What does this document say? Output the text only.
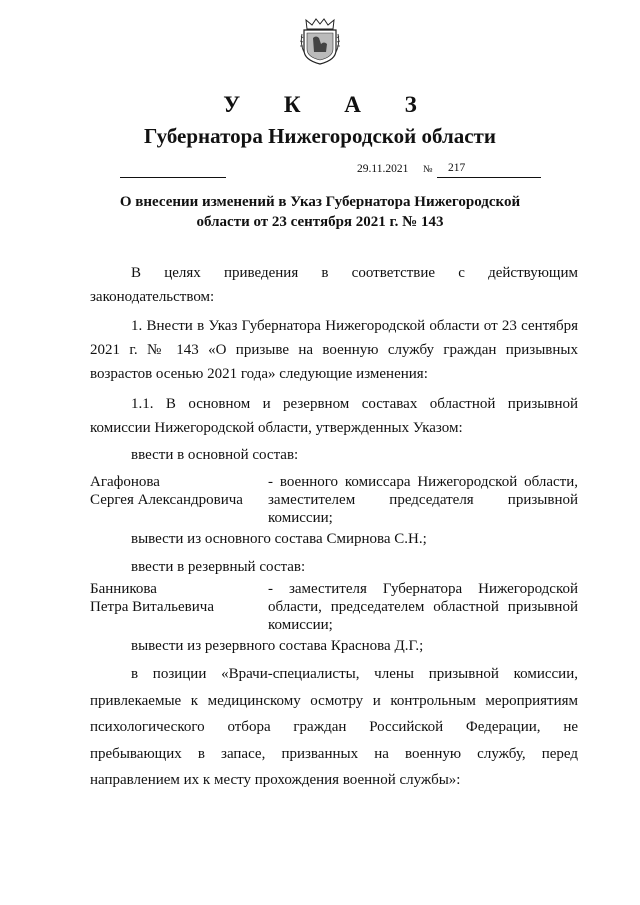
У К А З
Губернатора Нижегородской области
29.11.2021 № 217
О внесении изменений в Указ Губернатора Нижегородской
области от 23 сентября 2021 г. № 143
В целях приведения в соответствие с действующим
законодательством:
1. Внести в Указ Губернатора Нижегородской области от 23 сентября 2021 г. № 143 «О призыве на военную службу граждан призывных возрастов осенью 2021 года» следующие изменения:
1.1. В основном и резервном составах областной призывной комиссии Нижегородской области, утвержденных Указом:
ввести в основной состав:
Агафонова
Сергея Александровича
- военного комиссара Нижегородской области, заместителем председателя призывной комиссии;
вывести из основного состава Смирнова С.Н.;
ввести в резервный состав:
Банникова
Петра Витальевича
- заместителя Губернатора Нижегородской области, председателем областной призывной комиссии;
вывести из резервного состава Краснова Д.Г.;
в позиции «Врачи-специалисты, члены призывной комиссии, привлекаемые к медицинскому осмотру и контрольным мероприятиям психологического отбора граждан Российской Федерации, не пребывающих в запасе, призванных на военную службу, перед направлением их к месту прохождения военной службы»:
